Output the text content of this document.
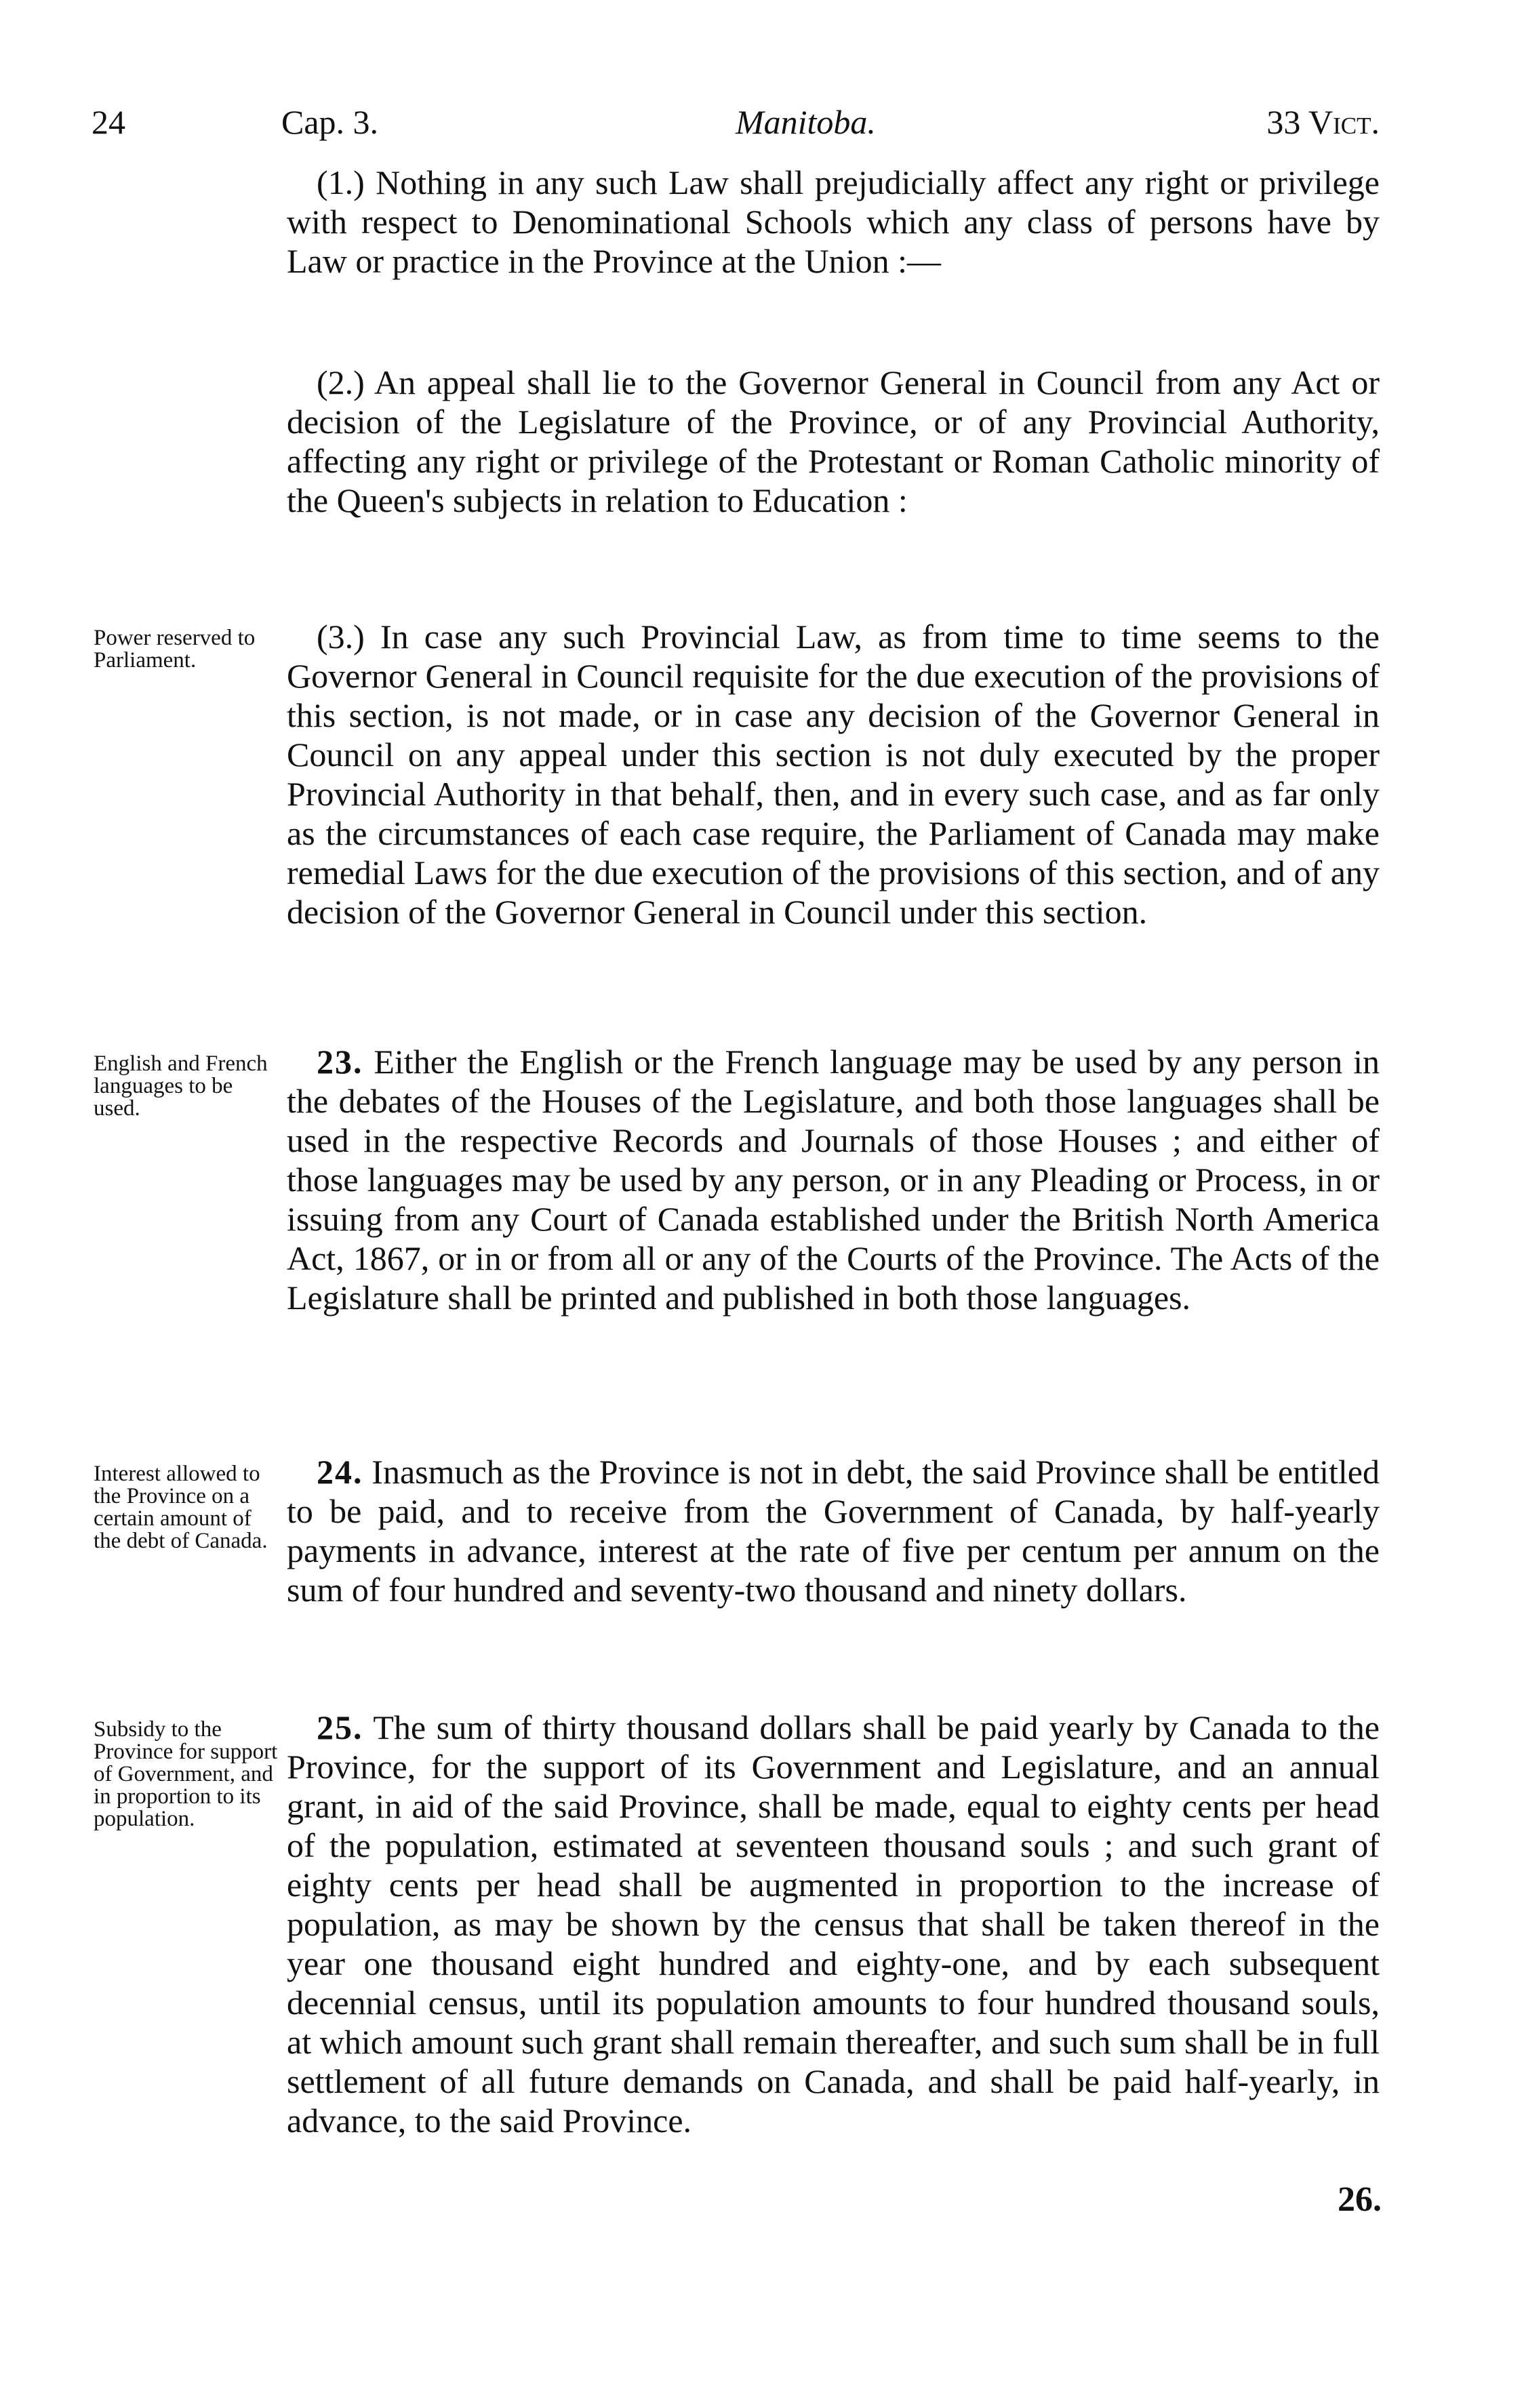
24	Cap. 3.	Manitoba.	33 Vict.

(1.) Nothing in any such Law shall prejudicially affect any right or privilege with respect to Denominational Schools which any class of persons have by Law or practice in the Province at the Union :—

(2.) An appeal shall lie to the Governor General in Council from any Act or decision of the Legislature of the Province, or of any Provincial Authority, affecting any right or privilege of the Protestant or Roman Catholic minority of the Queen's subjects in relation to Education :

Power reserved to Parliament.

(3.) In case any such Provincial Law, as from time to time seems to the Governor General in Council requisite for the due execution of the provisions of this section, is not made, or in case any decision of the Governor General in Council on any appeal under this section is not duly executed by the proper Provincial Authority in that behalf, then, and in every such case, and as far only as the circumstances of each case require, the Parliament of Canada may make remedial Laws for the due execution of the provisions of this section, and of any decision of the Governor General in Council under this section.

English and French languages to be used.

23. Either the English or the French language may be used by any person in the debates of the Houses of the Legislature, and both those languages shall be used in the respective Records and Journals of those Houses ; and either of those languages may be used by any person, or in any Pleading or Process, in or issuing from any Court of Canada established under the British North America Act, 1867, or in or from all or any of the Courts of the Province. The Acts of the Legislature shall be printed and published in both those languages.

Interest allowed to the Province on a certain amount of the debt of Canada.

24. Inasmuch as the Province is not in debt, the said Province shall be entitled to be paid, and to receive from the Government of Canada, by half-yearly payments in advance, interest at the rate of five per centum per annum on the sum of four hundred and seventy-two thousand and ninety dollars.

Subsidy to the Province for support of Government, and in proportion to its population.

25. The sum of thirty thousand dollars shall be paid yearly by Canada to the Province, for the support of its Government and Legislature, and an annual grant, in aid of the said Province, shall be made, equal to eighty cents per head of the population, estimated at seventeen thousand souls ; and such grant of eighty cents per head shall be augmented in proportion to the increase of population, as may be shown by the census that shall be taken thereof in the year one thousand eight hundred and eighty-one, and by each subsequent decennial census, until its population amounts to four hundred thousand souls, at which amount such grant shall remain thereafter, and such sum shall be in full settlement of all future demands on Canada, and shall be paid half-yearly, in advance, to the said Province.

26.
